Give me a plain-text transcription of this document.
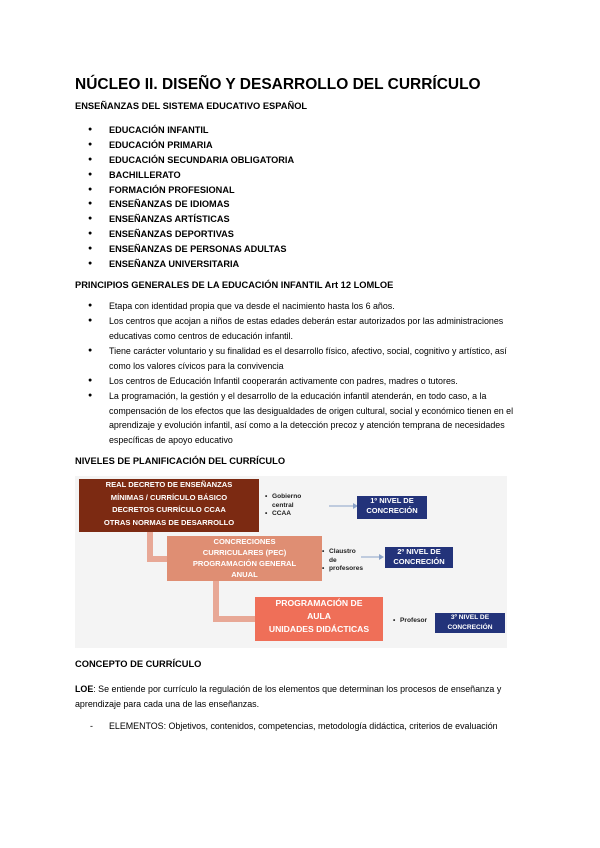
NÚCLEO II. DISEÑO Y DESARROLLO DEL CURRÍCULO
ENSEÑANZAS DEL SISTEMA EDUCATIVO ESPAÑOL
● EDUCACIÓN INFANTIL
● EDUCACIÓN PRIMARIA
● EDUCACIÓN SECUNDARIA OBLIGATORIA
● BACHILLERATO
● FORMACIÓN PROFESIONAL
● ENSEÑANZAS DE IDIOMAS
● ENSEÑANZAS ARTÍSTICAS
● ENSEÑANZAS DEPORTIVAS
● ENSEÑANZAS DE PERSONAS ADULTAS
● ENSEÑANZA UNIVERSITARIA
PRINCIPIOS GENERALES DE LA EDUCACIÓN INFANTIL Art 12 LOMLOE
● Etapa con identidad propia que va desde el nacimiento hasta los 6 años.
● Los centros que acojan a niños de estas edades deberán estar autorizados por las administraciones educativas como centros de educación infantil.
● Tiene carácter voluntario y su finalidad es el desarrollo físico, afectivo, social, cognitivo y artístico, así como los valores cívicos para la convivencia
● Los centros de Educación Infantil cooperarán activamente con padres, madres o tutores.
● La programación, la gestión y el desarrollo de la educación infantil atenderán, en todo caso, a la compensación de los efectos que las desigualdades de origen cultural, social y económico tienen en el aprendizaje y evolución infantil, así como a la detección precoz y atención temprana de necesidades específicas de apoyo educativo
NIVELES DE PLANIFICACIÓN DEL CURRÍCULO
REAL DECRETO DE ENSEÑANZAS
MÍNIMAS / CURRÍCULO BÁSICO
DECRETOS CURRÍCULO CCAA
OTRAS NORMAS DE DESARROLLO
CONCRECIONES
CURRICULARES (PEC)
PROGRAMACIÓN GENERAL
ANUAL
PROGRAMACIÓN DE
AULA
UNIDADES DIDÁCTICAS
• Gobierno
central
• CCAA
• Claustro
de
• profesores
• Profesor
1º NIVEL DE
CONCRECIÓN
2º NIVEL DE
CONCRECIÓN
3º NIVEL DE
CONCRECIÓN
CONCEPTO DE CURRÍCULO

LOE: Se entiende por currículo la regulación de los elementos que determinan los procesos de enseñanza y aprendizaje para cada una de las enseñanzas.

- ELEMENTOS: Objetivos, contenidos, competencias, metodología didáctica, criterios de evaluación
